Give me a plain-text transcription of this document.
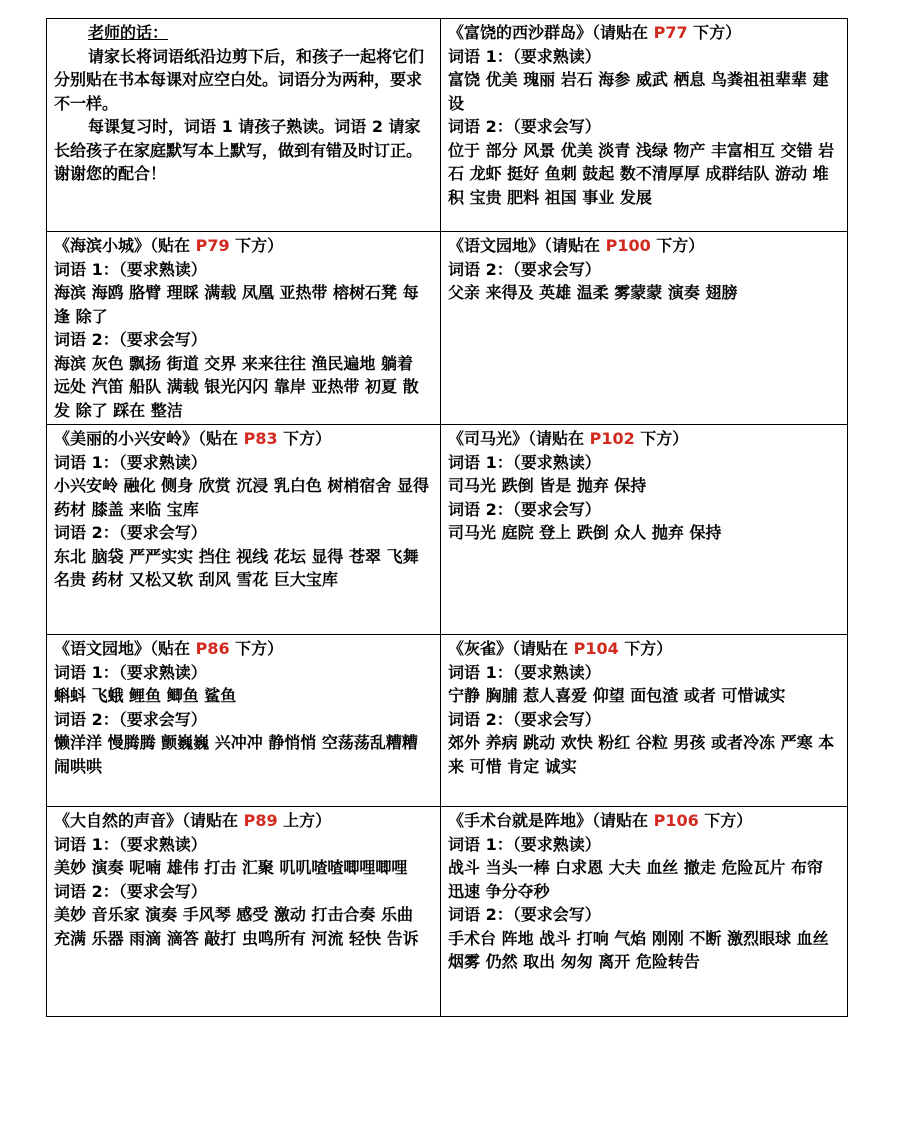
老师的话：
请家长将词语纸沿边剪下后，和孩子一起将它们分别贴在书本每课对应空白处。词语分为两种，要求不一样。
每课复习时，词语 1 请孩子熟读。词语 2 请家长给孩子在家庭默写本上默写，做到有错及时订正。谢谢您的配合！	《富饶的西沙群岛》（请贴在 P77 下方）
词语 1：（要求熟读）
富饶 优美 瑰丽 岩石 海参 威武 栖息 鸟粪祖祖辈辈 建设
词语 2：（要求会写）
位于 部分 风景 优美 淡青 浅绿 物产 丰富相互 交错 岩石 龙虾 挺好 鱼刺 鼓起 数不清厚厚 成群结队 游动 堆积 宝贵 肥料 祖国 事业 发展

《海滨小城》（贴在 P79 下方）
词语 1：（要求熟读）
海滨 海鸥 胳臂 理睬 满载 凤凰 亚热带 榕树石凳 每逢 除了
词语 2：（要求会写）
海滨 灰色 飘扬 街道 交界 来来往往 渔民遍地 躺着 远处 汽笛 船队 满载 银光闪闪 靠岸 亚热带 初夏 散发 除了 踩在 整洁	《语文园地》（请贴在 P100 下方）
词语 2：（要求会写）
父亲 来得及 英雄 温柔 雾蒙蒙 演奏 翅膀

《美丽的小兴安岭》（贴在 P83 下方）
词语 1：（要求熟读）
小兴安岭 融化 侧身 欣赏 沉浸 乳白色 树梢宿舍 显得 药材 膝盖 来临 宝库
词语 2：（要求会写）
东北 脑袋 严严实实 挡住 视线 花坛 显得 苍翠 飞舞 名贵 药材 又松又软 刮风 雪花 巨大宝库	《司马光》（请贴在 P102 下方）
词语 1：（要求熟读）
司马光 跌倒 皆是 抛弃 保持
词语 2：（要求会写）
司马光 庭院 登上 跌倒 众人 抛弃 保持

《语文园地》（贴在 P86 下方）
词语 1：（要求熟读）
蝌蚪 飞蛾 鲤鱼 鲫鱼 鲨鱼
词语 2：（要求会写）
懒洋洋 慢腾腾 颤巍巍 兴冲冲 静悄悄 空荡荡乱糟糟 闹哄哄	《灰雀》（请贴在 P104 下方）
词语 1：（要求熟读）
宁静 胸脯 惹人喜爱 仰望 面包渣 或者 可惜诚实
词语 2：（要求会写）
郊外 养病 跳动 欢快 粉红 谷粒 男孩 或者冷冻 严寒 本来 可惜 肯定 诚实

《大自然的声音》（请贴在 P89 上方）
词语 1：（要求熟读）
美妙 演奏 呢喃 雄伟 打击 汇聚 叽叽喳喳唧哩唧哩
词语 2：（要求会写）
美妙 音乐家 演奏 手风琴 感受 激动 打击合奏 乐曲 充满 乐器 雨滴 滴答 敲打 虫鸣所有 河流 轻快 告诉	《手术台就是阵地》（请贴在 P106 下方）
词语 1：（要求熟读）
战斗 当头一棒 白求恩 大夫 血丝 撤走 危险瓦片 布帘 迅速 争分夺秒
词语 2：（要求会写）
手术台 阵地 战斗 打响 气焰 刚刚 不断 激烈眼球 血丝 烟雾 仍然 取出 匆匆 离开 危险转告
